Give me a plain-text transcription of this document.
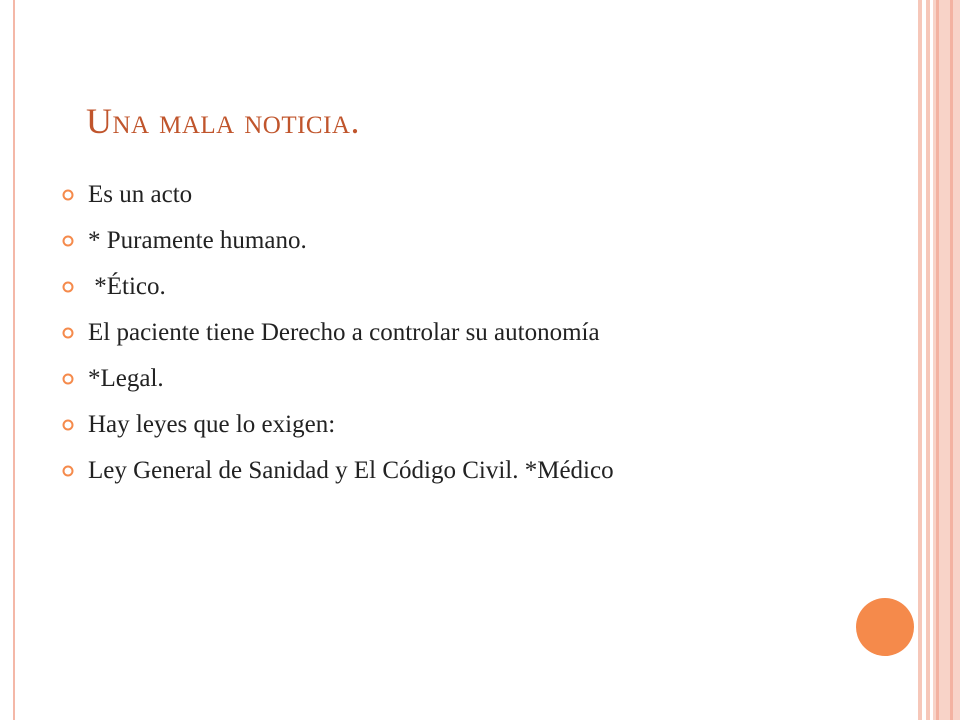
Una mala noticia.
Es un acto
* Puramente humano.
*Ético.
El paciente tiene Derecho a controlar su autonomía
*Legal.
Hay leyes que lo exigen:
Ley General de Sanidad y El Código Civil. *Médico
